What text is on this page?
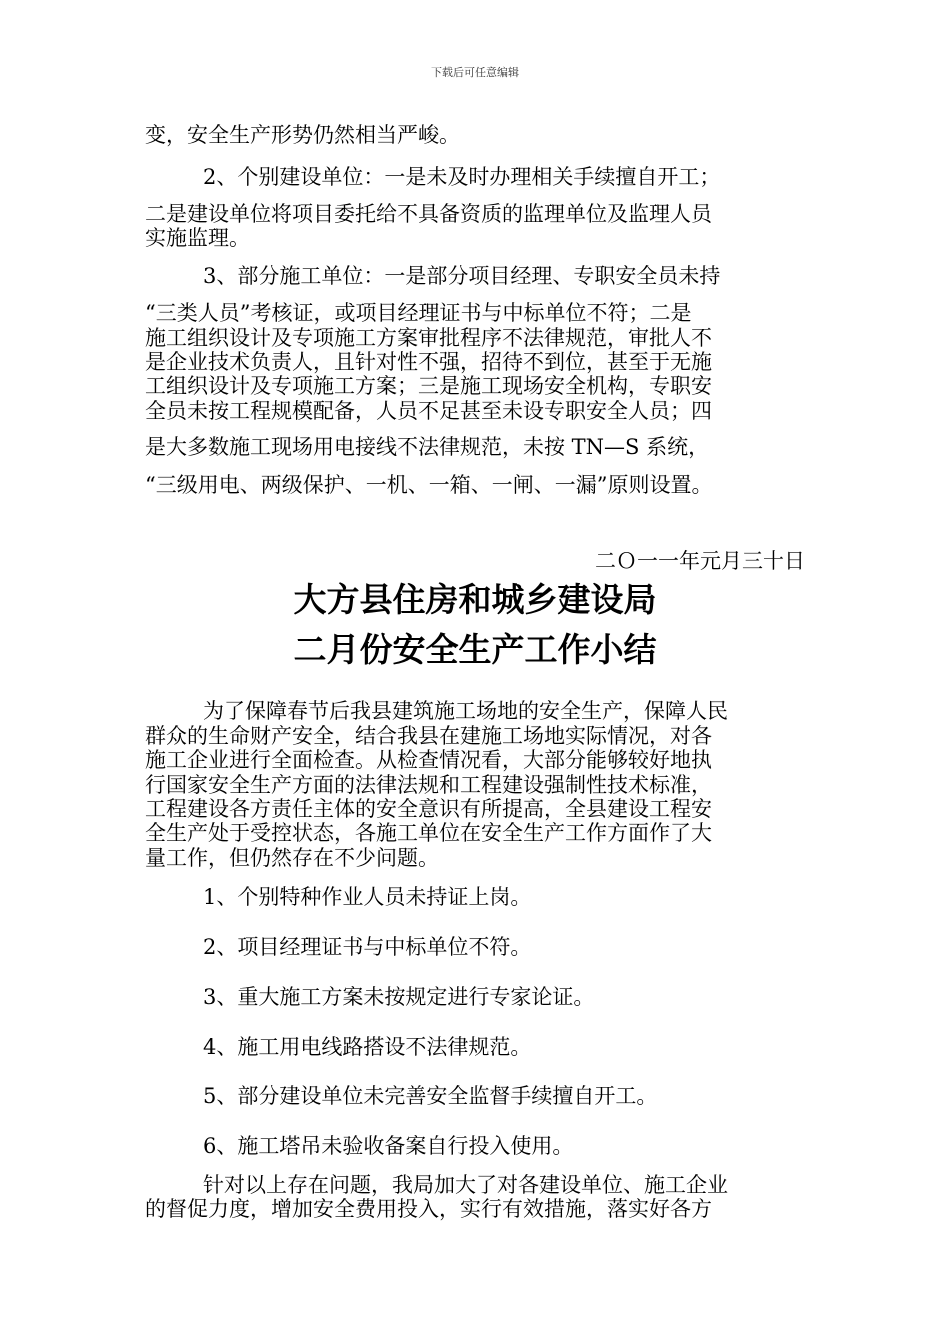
下载后可任意编辑
变，安全生产形势仍然相当严峻。
2、个别建设单位：一是未及时办理相关手续擅自开工；
二是建设单位将项目委托给不具备资质的监理单位及监理人员
实施监理。
3、部分施工单位：一是部分项目经理、专职安全员未持
“三类人员”考核证，或项目经理证书与中标单位不符；二是
施工组织设计及专项施工方案审批程序不法律规范，审批人不
是企业技术负责人，且针对性不强，招待不到位，甚至于无施
工组织设计及专项施工方案；三是施工现场安全机构，专职安
全员未按工程规模配备，人员不足甚至未设专职安全人员；四
是大多数施工现场用电接线不法律规范，未按 TN—S 系统，
“三级用电、两级保护、一机、一箱、一闸、一漏”原则设置。
二Ｏ一一年元月三十日
大方县住房和城乡建设局
二月份安全生产工作小结
为了保障春节后我县建筑施工场地的安全生产，保障人民
群众的生命财产安全，结合我县在建施工场地实际情况，对各
施工企业进行全面检查。从检查情况看，大部分能够较好地执
行国家安全生产方面的法律法规和工程建设强制性技术标准，
工程建设各方责任主体的安全意识有所提高，全县建设工程安
全生产处于受控状态，各施工单位在安全生产工作方面作了大
量工作，但仍然存在不少问题。
1、个别特种作业人员未持证上岗。
2、项目经理证书与中标单位不符。
3、重大施工方案未按规定进行专家论证。
4、施工用电线路搭设不法律规范。
5、部分建设单位未完善安全监督手续擅自开工。
6、施工塔吊未验收备案自行投入使用。
针对以上存在问题，我局加大了对各建设单位、施工企业
的督促力度，增加安全费用投入，实行有效措施，落实好各方
